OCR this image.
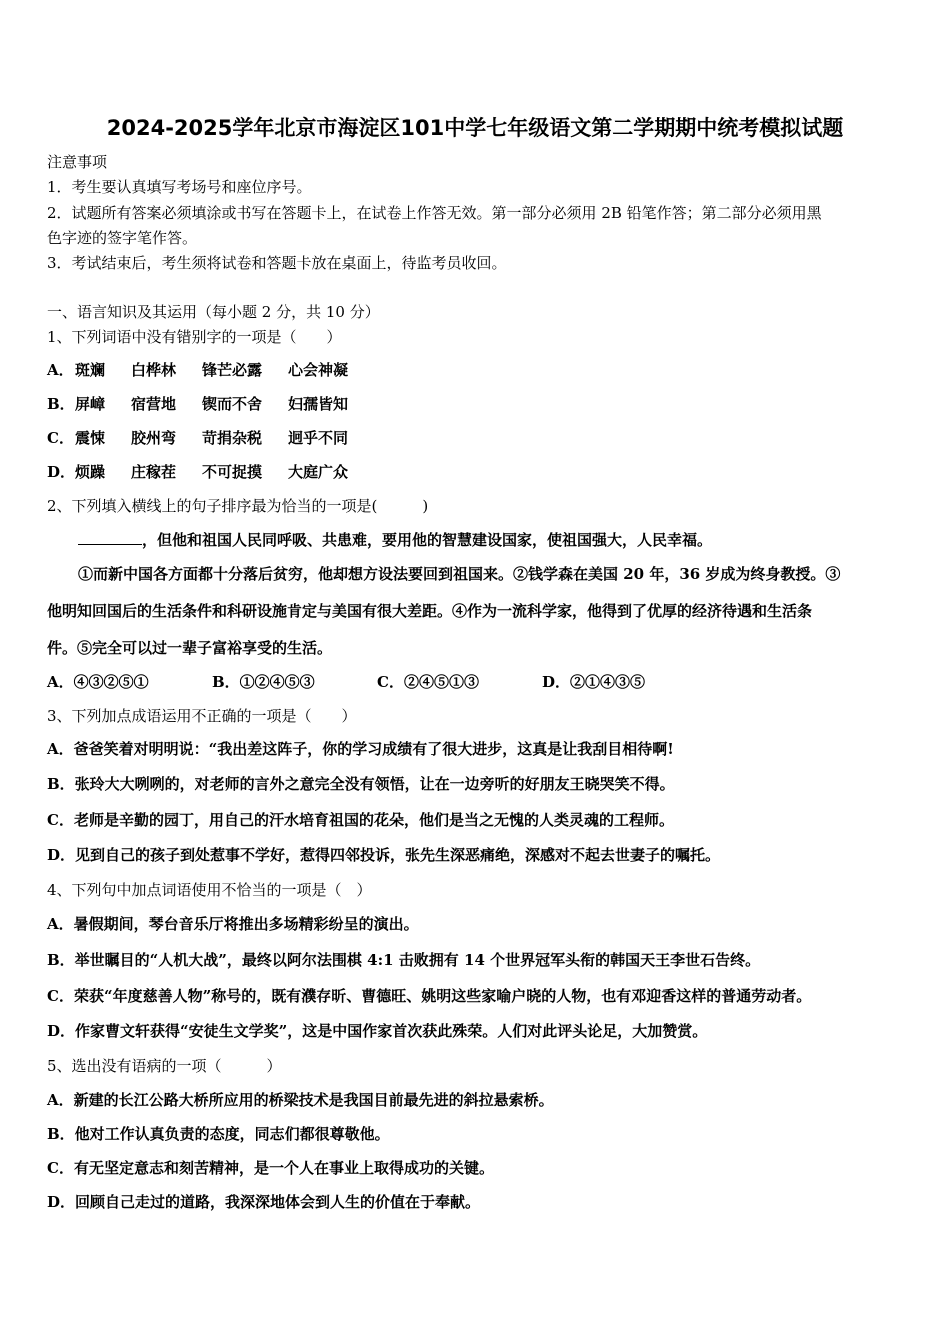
2024-2025学年北京市海淀区101中学七年级语文第二学期期中统考模拟试题
注意事项
1．考生要认真填写考场号和座位序号。
2．试题所有答案必须填涂或书写在答题卡上，在试卷上作答无效。第一部分必须用 2B 铅笔作答；第二部分必须用黑
色字迹的签字笔作答。
3．考试结束后，考生须将试卷和答题卡放在桌面上，待监考员收回。
一、语言知识及其运用（每小题 2 分，共 10 分）
1、下列词语中没有错别字的一项是（　　）
A．斑斓 白桦林 锋芒必露 心会神凝
B．屏嶂 宿营地 锲而不舍 妇孺皆知
C．震悚 胶州弯 苛捐杂税 迥乎不同
D．烦躁 庄稼茬 不可捉摸 大庭广众
2、下列填入横线上的句子排序最为恰当的一项是(　　　)
，但他和祖国人民同呼吸、共患难，要用他的智慧建设国家，使祖国强大，人民幸福。
①而新中国各方面都十分落后贫穷，他却想方设法要回到祖国来。②钱学森在美国 20 年，36 岁成为终身教授。③
他明知回国后的生活条件和科研设施肯定与美国有很大差距。④作为一流科学家，他得到了优厚的经济待遇和生活条
件。⑤完全可以过一辈子富裕享受的生活。
A．④③②⑤①	B．①②④⑤③	C．②④⑤①③	D．②①④③⑤
3、下列加点成语运用不正确的一项是（　　）
A．爸爸笑着对明明说：“我出差这阵子，你的学习成绩有了很大进步，这真是让我刮目相待啊!
B．张玲大大咧咧的，对老师的言外之意完全没有领悟，让在一边旁听的好朋友王晓哭笑不得。
C．老师是辛勤的园丁，用自己的汗水培育祖国的花朵，他们是当之无愧的人类灵魂的工程师。
D．见到自己的孩子到处惹事不学好，惹得四邻投诉，张先生深恶痛绝，深感对不起去世妻子的嘱托。
4、下列句中加点词语使用不恰当的一项是（　）
A．暑假期间，琴台音乐厅将推出多场精彩纷呈的演出。
B．举世瞩目的“人机大战”，最终以阿尔法围棋 4:1 击败拥有 14 个世界冠军头衔的韩国天王李世石告终。
C．荣获“年度慈善人物”称号的，既有濮存昕、曹德旺、姚明这些家喻户晓的人物，也有邓迎香这样的普通劳动者。
D．作家曹文轩获得“安徒生文学奖”，这是中国作家首次获此殊荣。人们对此评头论足，大加赞赏。
5、选出没有语病的一项（　　　）
A．新建的长江公路大桥所应用的桥梁技术是我国目前最先进的斜拉悬索桥。
B．他对工作认真负责的态度，同志们都很尊敬他。
C．有无坚定意志和刻苦精神，是一个人在事业上取得成功的关键。
D．回顾自己走过的道路，我深深地体会到人生的价值在于奉献。
